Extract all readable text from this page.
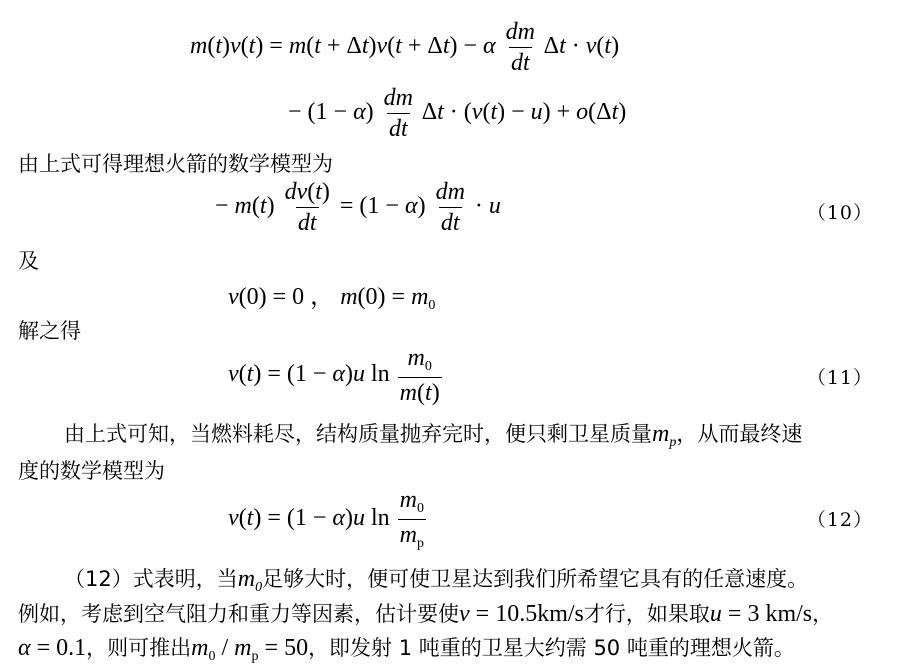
m(t)v(t) = m(t + Δt)v(t + Δt) − α $\frac{dm}{dt}$ Δt · v(t)
− $(1 - \alpha) \frac{dm}{dt}$ Δt · (v(t) − u) + o(Δt)
由上式可得理想火箭的数学模型为
− $m(t) \frac{dv(t)}{dt} = (1 - \alpha) \frac{dm}{dt} \cdot u$	（10）
及
v(0) = 0 ， $m(0) = m_0$
解之得
v(t) = (1 − α)u $\ln \frac{m_0}{m(t)}$	（11）
由上式可知，当燃料耗尽，结构质量抛弃完时，便只剩卫星质量$m_p$，从而最终速
度的数学模型为
v(t) = (1 − α)u $\ln \frac{m_0}{m_p}$	（12）
（12）式表明，当$m_0$足够大时，便可使卫星达到我们所希望它具有的任意速度。
例如，考虑到空气阻力和重力等因素，估计要使v = 10.5km/s才行，如果取u = 3 km/s，
α = 0.1，则可推出$m_0 / m_p = 50$，即发射 1 吨重的卫星大约需 50 吨重的理想火箭。
